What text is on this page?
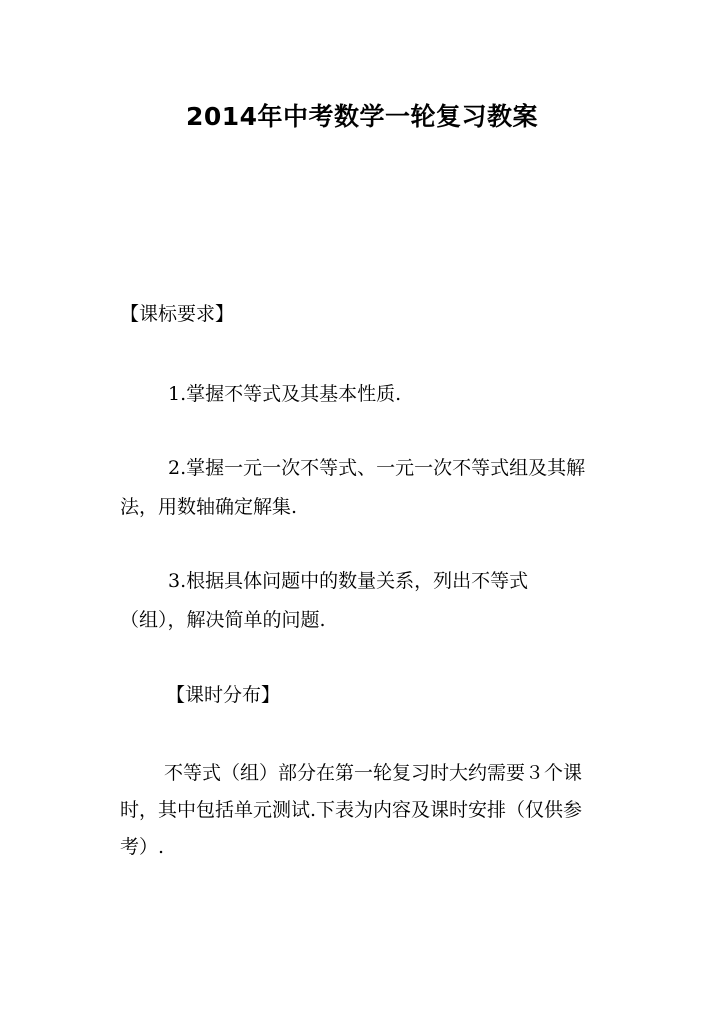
2014年中考数学一轮复习教案
【课标要求】
1.掌握不等式及其基本性质.
2.掌握一元一次不等式、一元一次不等式组及其解
法，用数轴确定解集.
3.根据具体问题中的数量关系，列出不等式
（组），解决简单的问题.
【课时分布】
不等式（组）部分在第一轮复习时大约需要３个课
时，其中包括单元测试.下表为内容及课时安排（仅供参
考）.
